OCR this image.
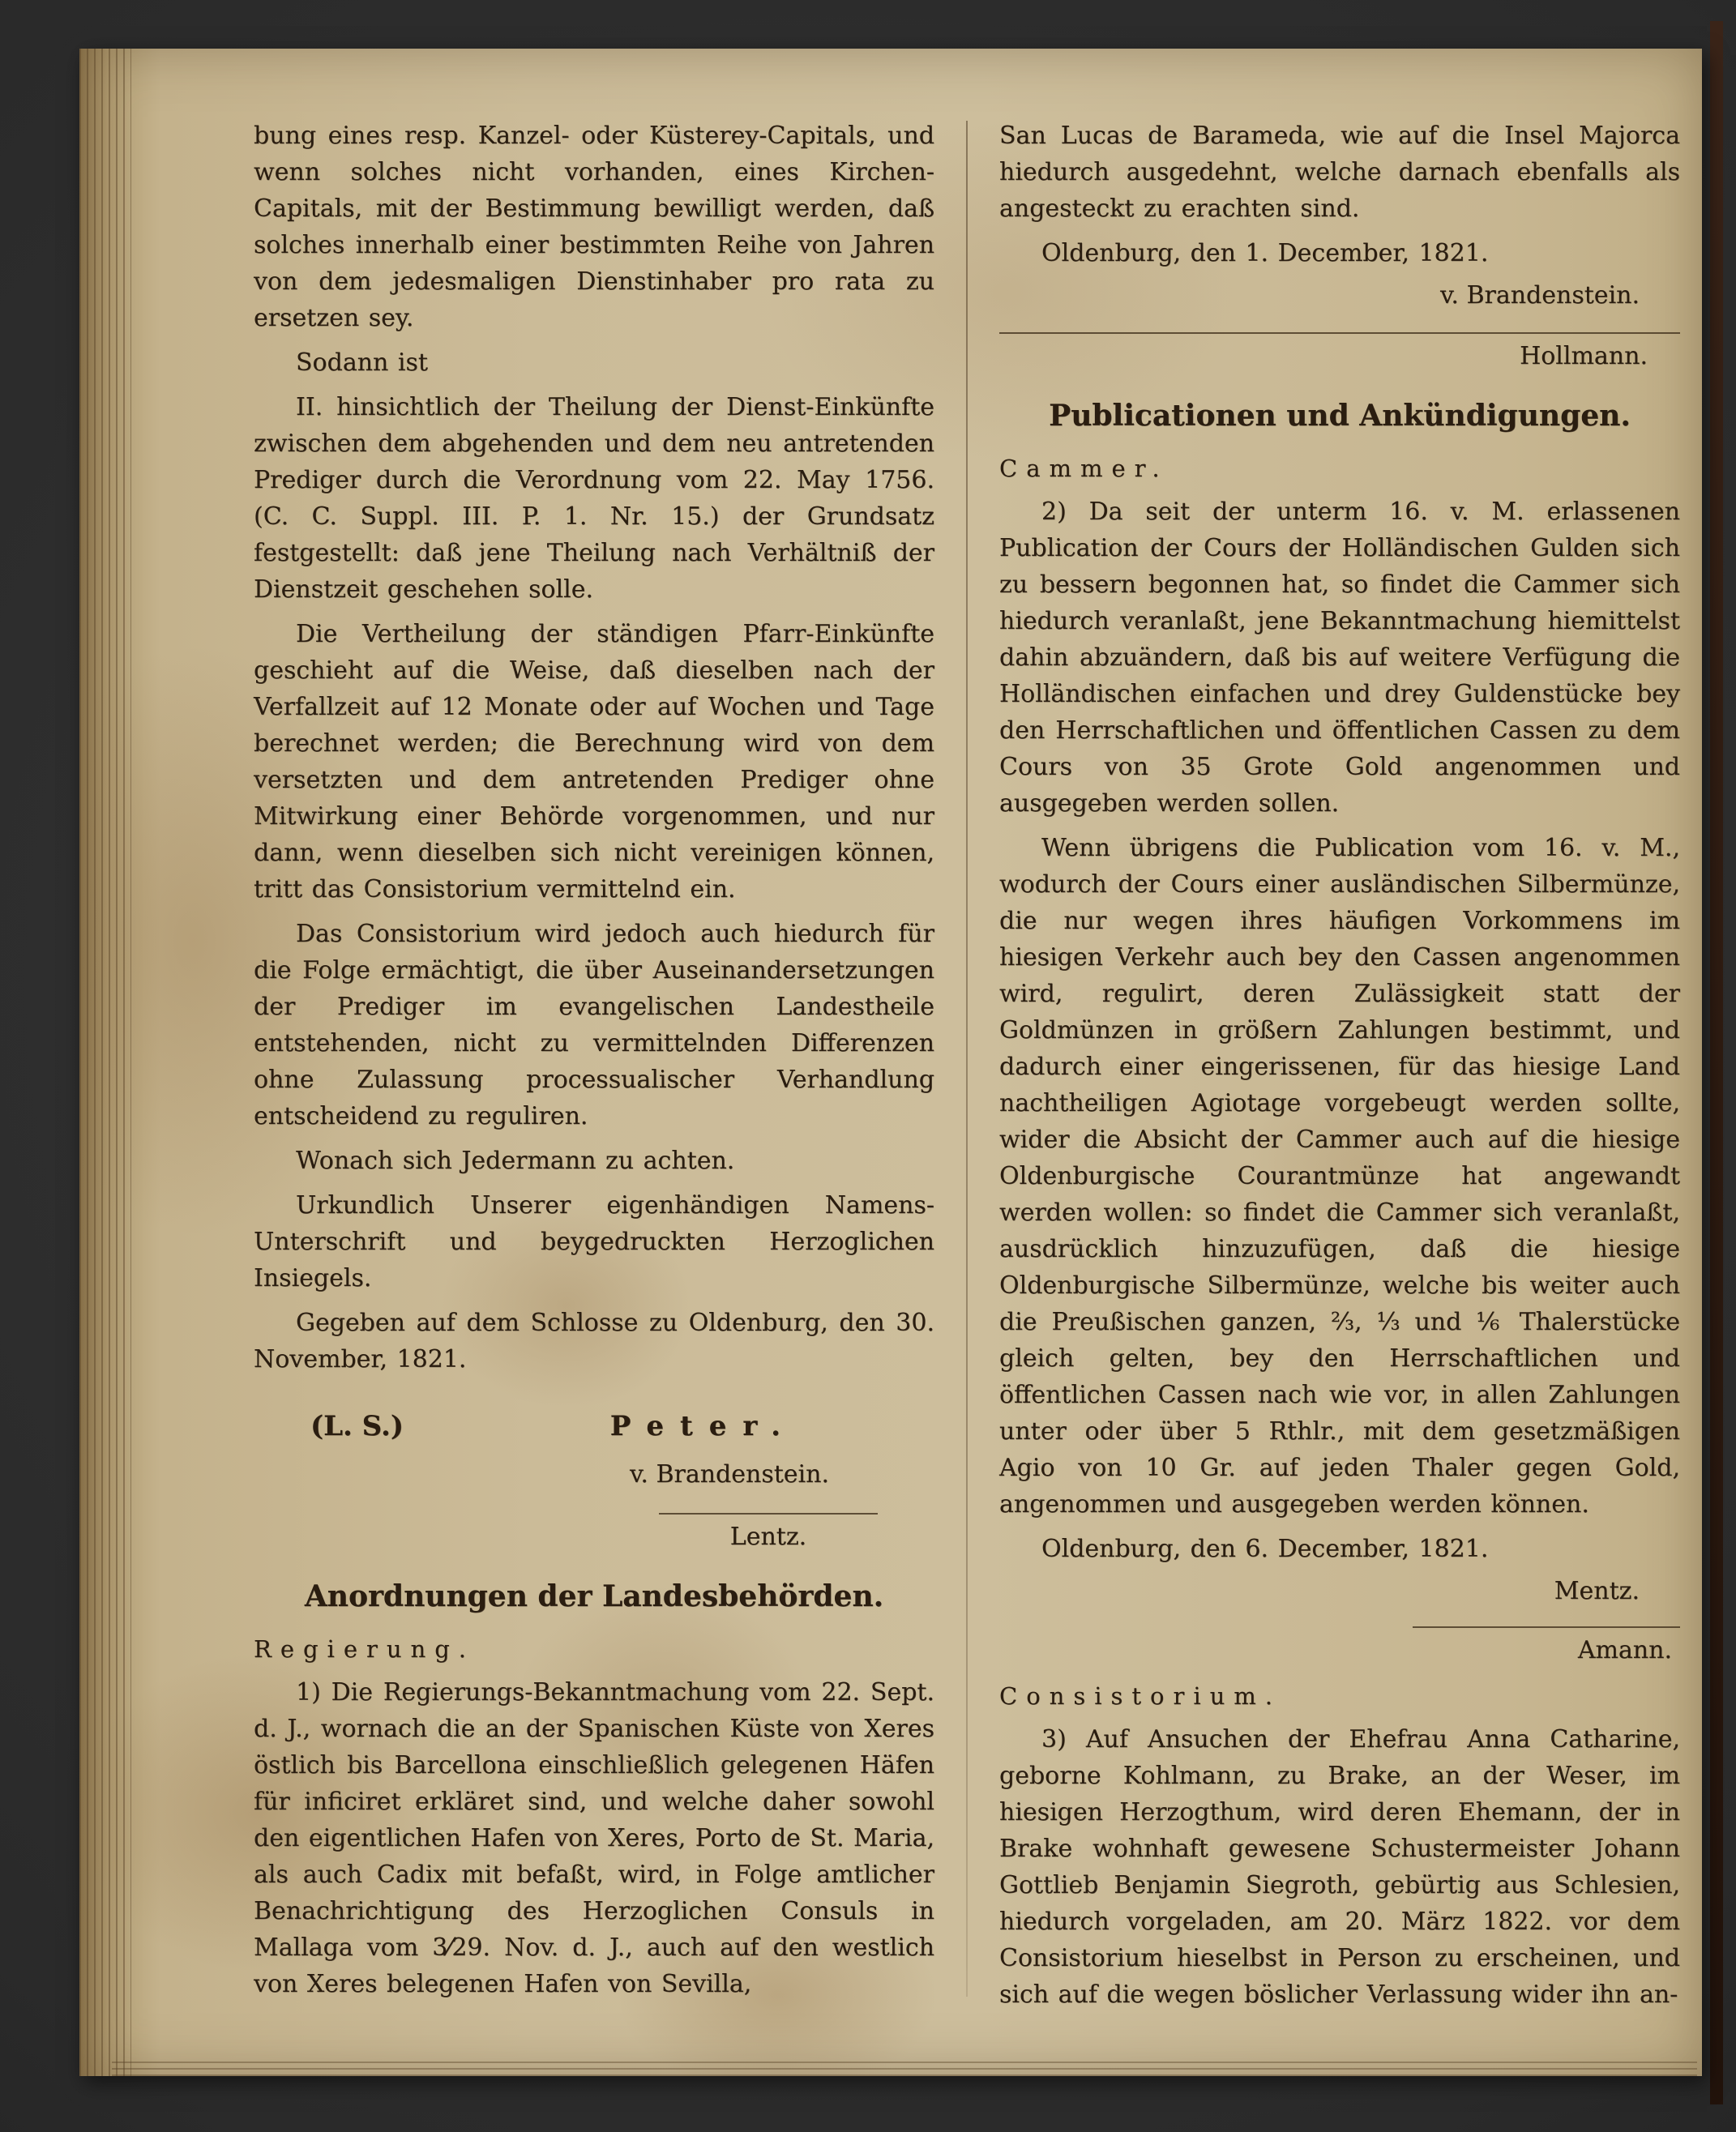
bung eines resp. Kanzel- oder Küsterey-Capitals, und wenn solches nicht vorhanden, eines Kirchen-Capitals, mit der Bestimmung bewilligt werden, daß solches innerhalb einer bestimmten Reihe von Jahren von dem jedesmaligen Dienstinhaber pro rata zu ersetzen sey.

Sodann ist

II. hinsichtlich der Theilung der Dienst-Einkünfte zwischen dem abgehenden und dem neu antretenden Prediger durch die Verordnung vom 22. May 1756. (C. C. Suppl. III. P. 1. Nr. 15.) der Grundsatz festgestellt: daß jene Theilung nach Verhältniß der Dienstzeit geschehen solle.

Die Vertheilung der ständigen Pfarr-Einkünfte geschieht auf die Weise, daß dieselben nach der Verfallzeit auf 12 Monate oder auf Wochen und Tage berechnet werden; die Berechnung wird von dem versetzten und dem antretenden Prediger ohne Mitwirkung einer Behörde vorgenommen, und nur dann, wenn dieselben sich nicht vereinigen können, tritt das Consistorium vermittelnd ein.

Das Consistorium wird jedoch auch hiedurch für die Folge ermächtigt, die über Auseinandersetzungen der Prediger im evangelischen Landestheile entstehenden, nicht zu vermittelnden Differenzen ohne Zulassung processualischer Verhandlung entscheidend zu reguliren.

Wonach sich Jedermann zu achten.

Urkundlich Unserer eigenhändigen Namens-Unterschrift und beygedruckten Herzoglichen Insiegels.

Gegeben auf dem Schlosse zu Oldenburg, den 30. November, 1821.

(L. S.)	Peter.
v. Brandenstein.
Lentz.
Anordnungen der Landesbehörden.
Regierung.

1) Die Regierungs-Bekanntmachung vom 22. Sept. d. J., wornach die an der Spanischen Küste von Xeres östlich bis Barcellona einschließlich gelegenen Häfen für inficiret erkläret sind, und welche daher sowohl den eigentlichen Hafen von Xeres, Porto de St. Maria, als auch Cadix mit befaßt, wird, in Folge amtlicher Benachrichtigung des Herzoglichen Consuls in Mallaga vom 3⁄29. Nov. d. J., auch auf den westlich von Xeres belegenen Hafen von Sevilla,

San Lucas de Barameda, wie auf die Insel Majorca hiedurch ausgedehnt, welche darnach ebenfalls als angesteckt zu erachten sind.

Oldenburg, den 1. December, 1821.

v. Brandenstein.
Hollmann.
Publicationen und Ankündigungen.
Cammer.

2) Da seit der unterm 16. v. M. erlassenen Publication der Cours der Holländischen Gulden sich zu bessern begonnen hat, so findet die Cammer sich hiedurch veranlaßt, jene Bekanntmachung hiemittelst dahin abzuändern, daß bis auf weitere Verfügung die Holländischen einfachen und drey Guldenstücke bey den Herrschaftlichen und öffentlichen Cassen zu dem Cours von 35 Grote Gold angenommen und ausgegeben werden sollen.

Wenn übrigens die Publication vom 16. v. M., wodurch der Cours einer ausländischen Silbermünze, die nur wegen ihres häufigen Vorkommens im hiesigen Verkehr auch bey den Cassen angenommen wird, regulirt, deren Zulässigkeit statt der Goldmünzen in größern Zahlungen bestimmt, und dadurch einer eingerissenen, für das hiesige Land nachtheiligen Agiotage vorgebeugt werden sollte, wider die Absicht der Cammer auch auf die hiesige Oldenburgische Courantmünze hat angewandt werden wollen: so findet die Cammer sich veranlaßt, ausdrücklich hinzuzufügen, daß die hiesige Oldenburgische Silbermünze, welche bis weiter auch die Preußischen ganzen, ⅔, ⅓ und ⅙ Thalerstücke gleich gelten, bey den Herrschaftlichen und öffentlichen Cassen nach wie vor, in allen Zahlungen unter oder über 5 Rthlr., mit dem gesetzmäßigen Agio von 10 Gr. auf jeden Thaler gegen Gold, angenommen und ausgegeben werden können.

Oldenburg, den 6. December, 1821.

Mentz.
Amann.
Consistorium.

3) Auf Ansuchen der Ehefrau Anna Catharine, geborne Kohlmann, zu Brake, an der Weser, im hiesigen Herzogthum, wird deren Ehemann, der in Brake wohnhaft gewesene Schustermeister Johann Gottlieb Benjamin Siegroth, gebürtig aus Schlesien, hiedurch vorgeladen, am 20. März 1822. vor dem Consistorium hieselbst in Person zu erscheinen, und sich auf die wegen böslicher Verlassung wider ihn an-
